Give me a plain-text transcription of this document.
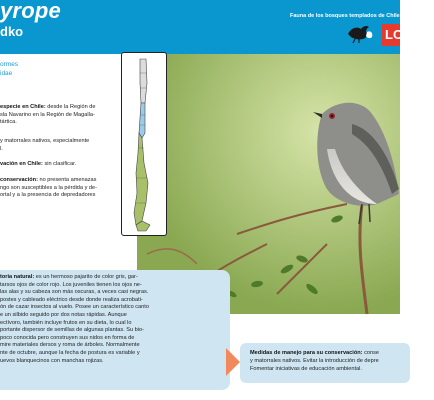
yrope
dko
Fauna de los bosques templados de Chile Guía de Cam
LO
ormes
idae
especie en Chile: desde la Región de
sla Navarino en la Región de Magalla-
tártica.
y matorrales nativos, especialmente
l.
vación en Chile: sin clasificar.
conservación: no presenta amenazas
ngo son susceptibles a la pérdida y de-
ortal y a la presencia de depredadores
toria natural: es un hermoso pajarito de color gris, gar-
tarsos ojos de color rojo. Los juveniles tienen los ojos ne-
las alas y su cabeza son más oscuras, a veces casi negras.
postes y cableado eléctrico desde donde realiza acrobati-
ón de cazar insectos al vuelo. Posee un característico canto
e un silbido seguido por dos notas rápidas. Aunque
ectívoro, también incluye frutos en su dieta, lo cual lo
portante dispersor de semillas de algunas plantas. Su bio-
poco conocida pero construyen sus nidos en forma de
mire materiales dersos y roma de árboles. Normalmente
nte de octubre, aunque la fecha de postura es variable y
uevos blanquecinos con manchas rojizas.
Medidas de manejo para su conservación: conse
y matorrales nativos. Evitar la introducción de depre
Fomentar iniciativas de educación ambiental.
